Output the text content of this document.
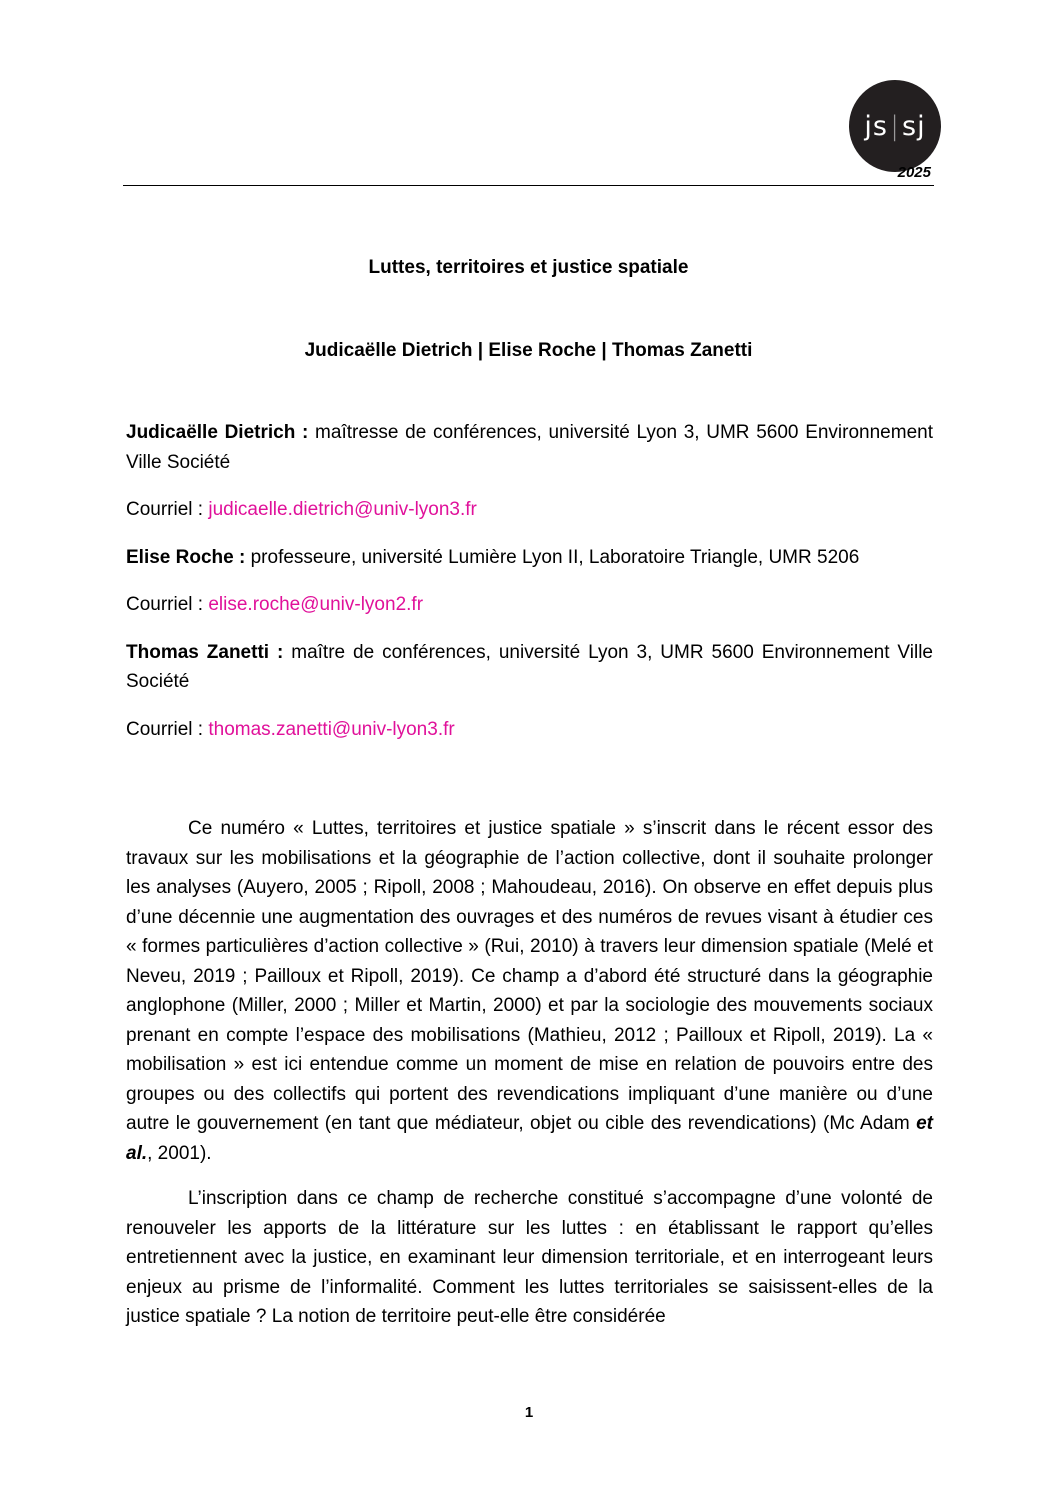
js | sj
2025
Luttes, territoires et justice spatiale
Judicaëlle Dietrich | Elise Roche | Thomas Zanetti

Judicaëlle Dietrich : maîtresse de conférences, université Lyon 3, UMR 5600 Environnement Ville Société

Courriel : judicaelle.dietrich@univ-lyon3.fr

Elise Roche : professeure, université Lumière Lyon II, Laboratoire Triangle, UMR 5206

Courriel : elise.roche@univ-lyon2.fr

Thomas Zanetti : maître de conférences, université Lyon 3, UMR 5600 Environnement Ville Société

Courriel : thomas.zanetti@univ-lyon3.fr

Ce numéro « Luttes, territoires et justice spatiale » s’inscrit dans le récent essor des travaux sur les mobilisations et la géographie de l’action collective, dont il souhaite prolonger les analyses (Auyero, 2005 ; Ripoll, 2008 ; Mahoudeau, 2016). On observe en effet depuis plus d’une décennie une augmentation des ouvrages et des numéros de revues visant à étudier ces « formes particulières d’action collective » (Rui, 2010) à travers leur dimension spatiale (Melé et Neveu, 2019 ; Pailloux et Ripoll, 2019). Ce champ a d’abord été structuré dans la géographie anglophone (Miller, 2000 ; Miller et Martin, 2000) et par la sociologie des mouvements sociaux prenant en compte l’espace des mobilisations (Mathieu, 2012 ; Pailloux et Ripoll, 2019). La « mobilisation » est ici entendue comme un moment de mise en relation de pouvoirs entre des groupes ou des collectifs qui portent des revendications impliquant d’une manière ou d’une autre le gouvernement (en tant que médiateur, objet ou cible des revendications) (Mc Adam et al., 2001).

L’inscription dans ce champ de recherche constitué s’accompagne d’une volonté de renouveler les apports de la littérature sur les luttes : en établissant le rapport qu’elles entretiennent avec la justice, en examinant leur dimension territoriale, et en interrogeant leurs enjeux au prisme de l’informalité. Comment les luttes territoriales se saisissent-elles de la justice spatiale ? La notion de territoire peut-elle être considérée

1
